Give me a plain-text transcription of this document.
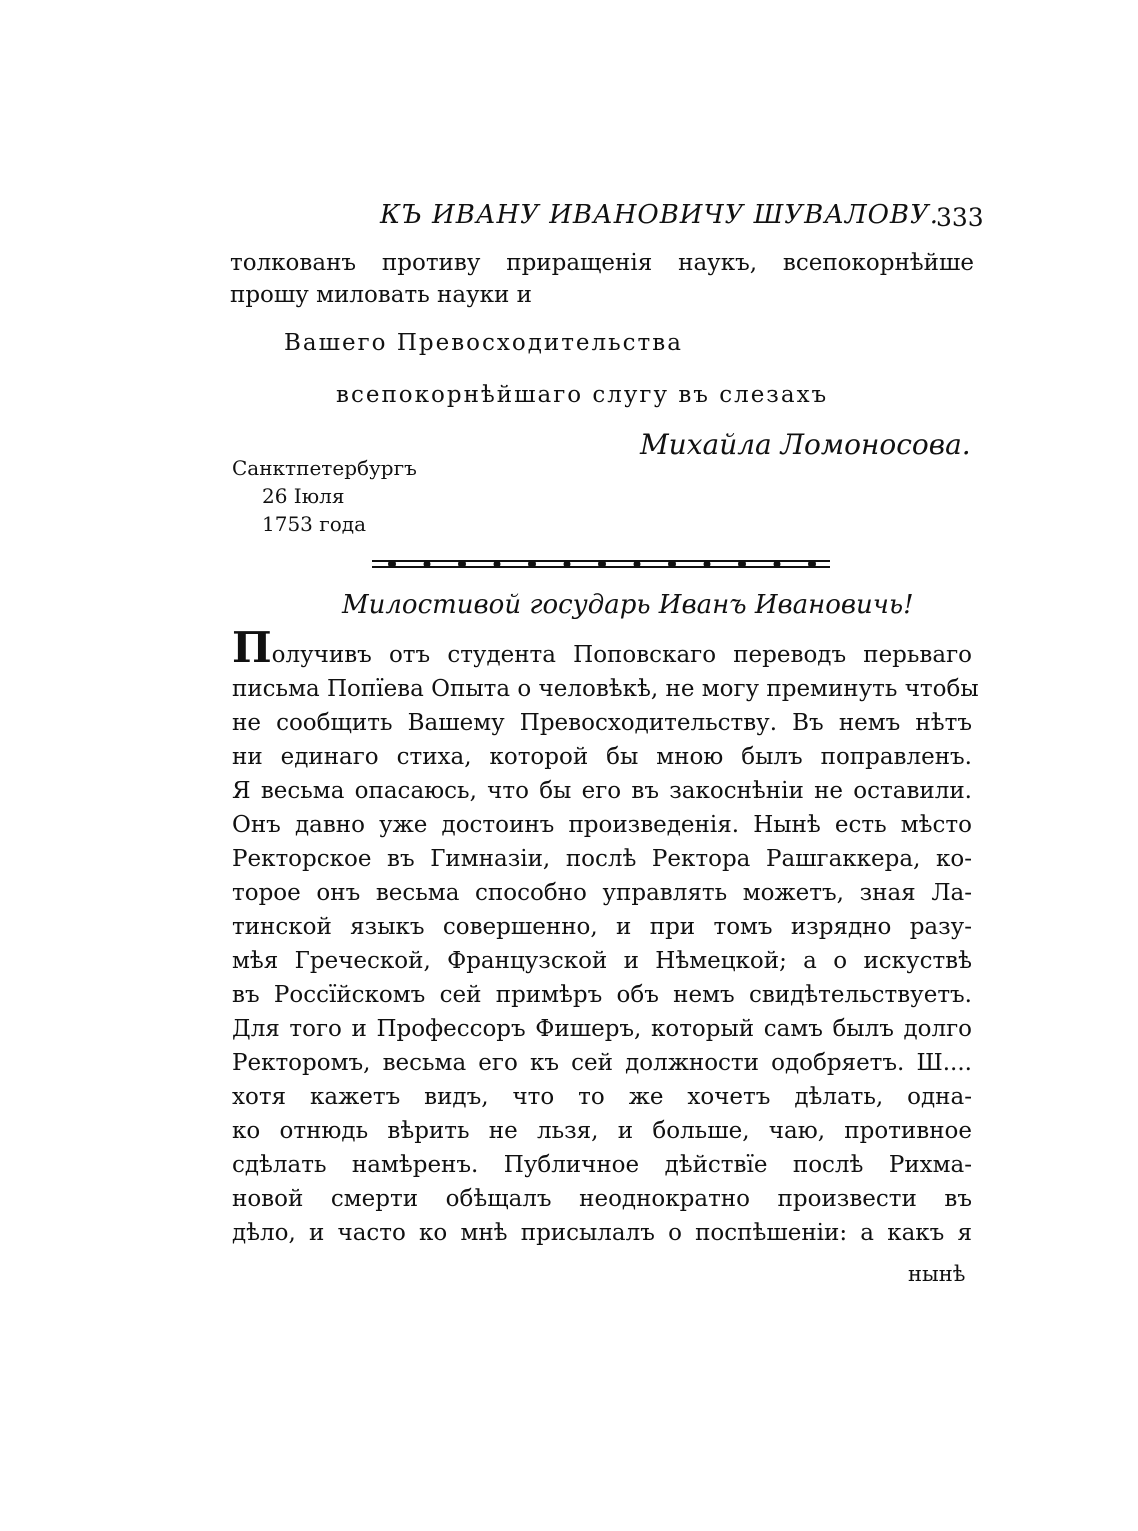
КЪ ИВАНУ ИВАНОВИЧУ ШУВАЛОВУ.
333
толкованъ противу приращенія наукъ, всепокорнѣйше
прошу миловать науки и
Вашего Превосходительства
всепокорнѣйшаго слугу въ слезахъ
Михайла Ломоносова.
Санктпетербургъ
26 Іюля
1753 года
Милостивой государь Иванъ Ивановичь!
Получивъ отъ студента Поповскаго переводъ перьваго
письма Попїева Опыта о человѣкѣ, не могу преминуть чтобы
не сообщить Вашему Превосходительству. Въ немъ нѣтъ
ни единаго стиха, которой бы мною былъ поправленъ.
Я весьма опасаюсь, что бы его въ закоснѣніи не оставили.
Онъ давно уже достоинъ произведенія. Нынѣ есть мѣсто
Ректорское въ Гимназіи, послѣ Ректора Рашгаккера, ко-
торое онъ весьма способно управлять можетъ, зная Ла-
тинской языкъ совершенно, и при томъ изрядно разу-
мѣя Греческой, Французской и Нѣмецкой; а о искуствѣ
въ Россїйскомъ сей примѣръ объ немъ свидѣтельствуетъ.
Для того и Профессоръ Фишеръ, который самъ былъ долго
Ректоромъ, весьма его къ сей должности одобряетъ. Ш....
хотя кажетъ видъ, что то же хочетъ дѣлать, одна-
ко отнюдь вѣрить не льзя, и больше, чаю, противное
сдѣлать намѣренъ. Публичное дѣйствїе послѣ Рихма-
новой смерти обѣщалъ неоднократно произвести въ
дѣло, и часто ко мнѣ присылалъ о поспѣшеніи: а какъ я
нынѣ
